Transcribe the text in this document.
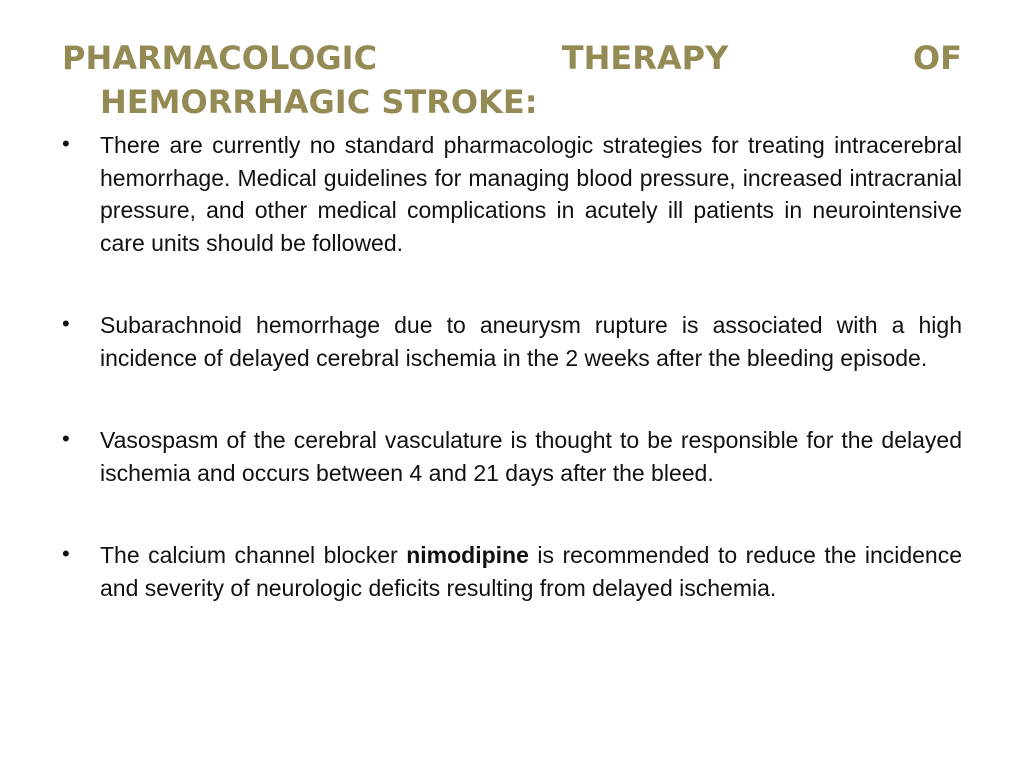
PHARMACOLOGIC	THERAPY	OF
HEMORRHAGIC STROKE:
•	There are currently no standard pharmacologic strategies for treating intracerebral hemorrhage. Medical guidelines for managing blood pressure, increased intracranial pressure, and other medical complications in acutely ill patients in neurointensive care units should be followed.
•	Subarachnoid hemorrhage due to aneurysm rupture is associated with a high incidence of delayed cerebral ischemia in the 2 weeks after the bleeding episode.
•	Vasospasm of the cerebral vasculature is thought to be responsible for the delayed ischemia and occurs between 4 and 21 days after the bleed.
•	The calcium channel blocker nimodipine is recommended to reduce the incidence and severity of neurologic deficits resulting from delayed ischemia.
